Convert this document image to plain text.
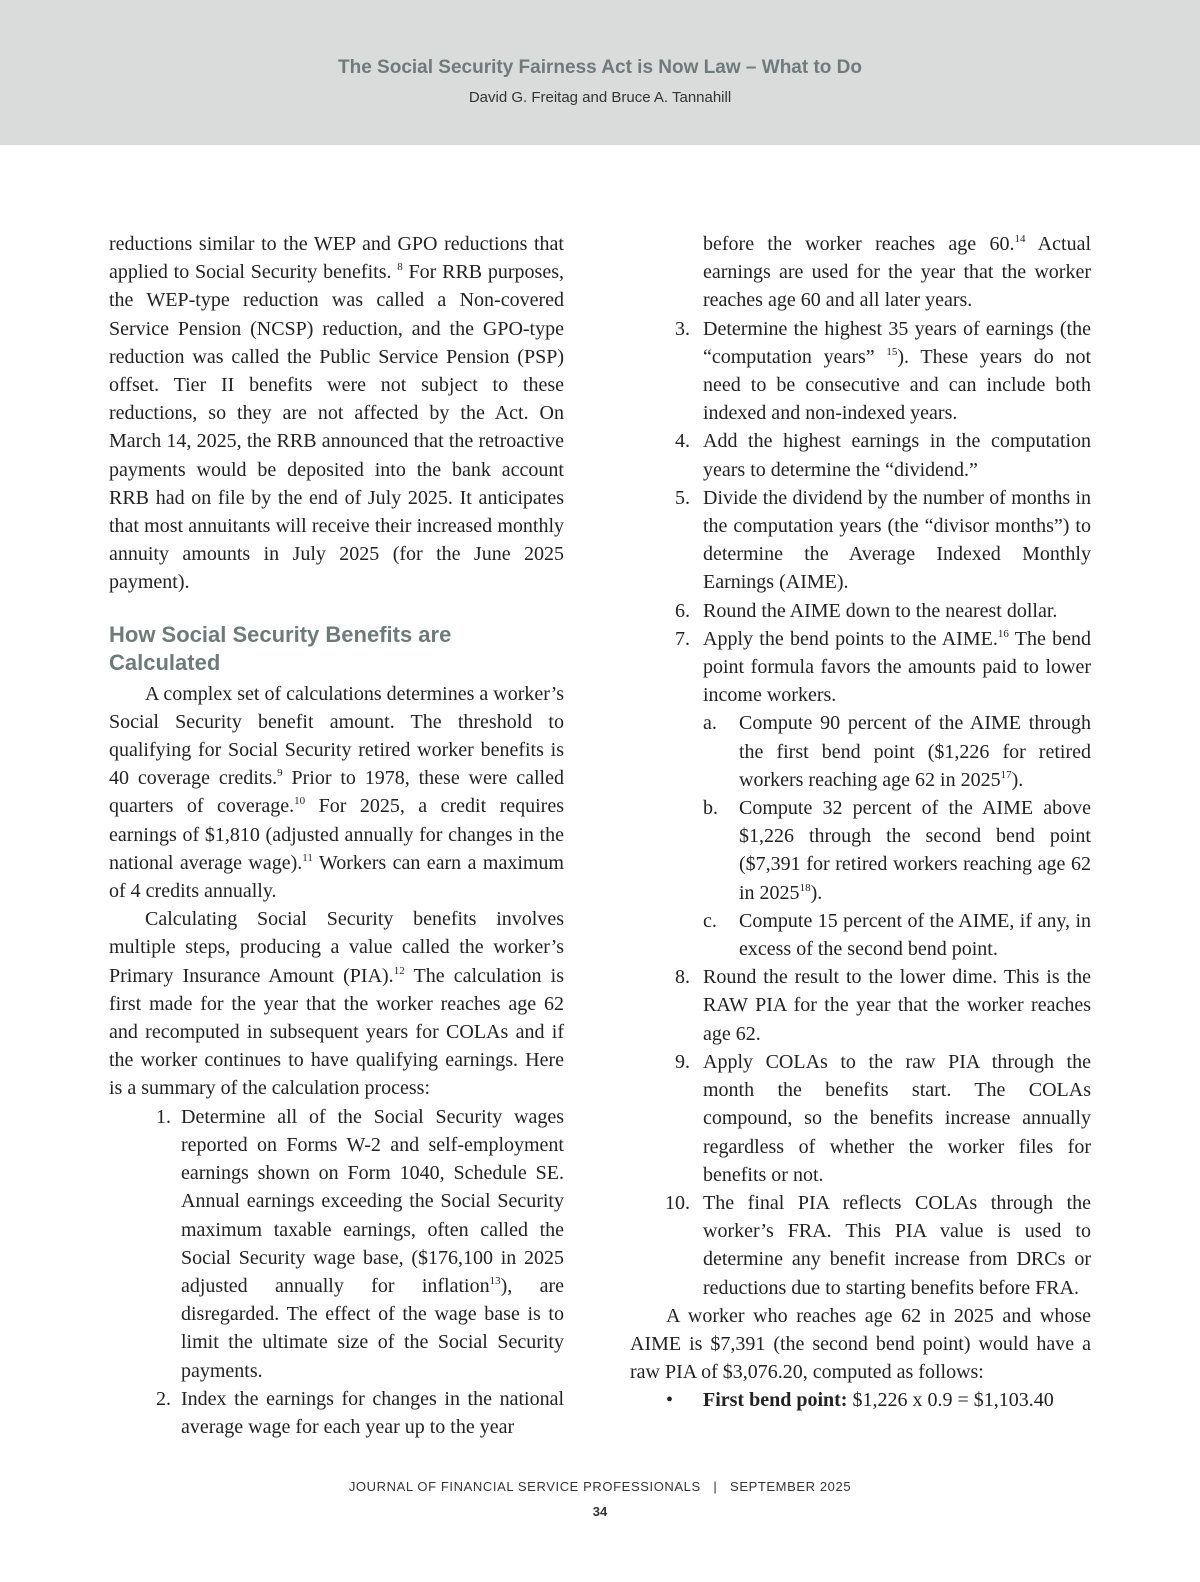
The Social Security Fairness Act is Now Law – What to Do
David G. Freitag and Bruce A. Tannahill

reductions similar to the WEP and GPO reductions that applied to Social Security benefits. $^8$ For RRB purposes, the WEP-type reduction was called a Non-covered Service Pension (NCSP) reduction, and the GPO-type reduction was called the Public Service Pension (PSP) offset. Tier II benefits were not subject to these reductions, so they are not affected by the Act. On March 14, 2025, the RRB announced that the retroactive payments would be deposited into the bank account RRB had on file by the end of July 2025. It anticipates that most annuitants will receive their increased monthly annuity amounts in July 2025 (for the June 2025 payment).

How Social Security Benefits are Calculated

A complex set of calculations determines a worker’s Social Security benefit amount. The threshold to qualifying for Social Security retired worker benefits is 40 coverage credits.$^9$ Prior to 1978, these were called quarters of coverage.$^{10}$ For 2025, a credit requires earnings of $1,810 (adjusted annually for changes in the national average wage).$^{11}$ Workers can earn a maximum of 4 credits annually.

Calculating Social Security benefits involves multiple steps, producing a value called the worker’s Primary Insurance Amount (PIA).$^{12}$ The calculation is first made for the year that the worker reaches age 62 and recomputed in subsequent years for COLAs and if the worker continues to have qualifying earnings. Here is a summary of the calculation process:

1. Determine all of the Social Security wages reported on Forms W-2 and self-employment earnings shown on Form 1040, Schedule SE. Annual earnings exceeding the Social Security maximum taxable earnings, often called the Social Security wage base, ($176,100 in 2025 adjusted annually for inflation$^{13}$), are disregarded. The effect of the wage base is to limit the ultimate size of the Social Security payments.
2. Index the earnings for changes in the national average wage for each year up to the year
before the worker reaches age 60.14 Actual earnings are used for the year that the worker reaches age 60 and all later years.
3. Determine the highest 35 years of earnings (the “computation years” $^{15}$). These years do not need to be consecutive and can include both indexed and non-indexed years.
4. Add the highest earnings in the computation years to determine the “dividend.”
5. Divide the dividend by the number of months in the computation years (the “divisor months”) to determine the Average Indexed Monthly Earnings (AIME).
6. Round the AIME down to the nearest dollar.
7. Apply the bend points to the AIME.$^{16}$ The bend point formula favors the amounts paid to lower income workers.
a.	Compute 90 percent of the AIME through the first bend point ($1,226 for retired workers reaching age 62 in 2025$^{17}$).
b.	Compute 32 percent of the AIME above $1,226 through the second bend point ($7,391 for retired workers reaching age 62 in 2025$^{18}$).
c.	Compute 15 percent of the AIME, if any, in excess of the second bend point.
8. Round the result to the lower dime. This is the RAW PIA for the year that the worker reaches age 62.
9. Apply COLAs to the raw PIA through the month the benefits start. The COLAs compound, so the benefits increase annually regardless of whether the worker files for benefits or not.
10. The final PIA reflects COLAs through the worker’s FRA. This PIA value is used to determine any benefit increase from DRCs or reductions due to starting benefits before FRA.

A worker who reaches age 62 in 2025 and whose AIME is $7,391 (the second bend point) would have a raw PIA of $3,076.20, computed as follows:

• First bend point: $1,226 x 0.9 = $1,103.40
JOURNAL OF FINANCIAL SERVICE PROFESSIONALS | SEPTEMBER 2025
34
